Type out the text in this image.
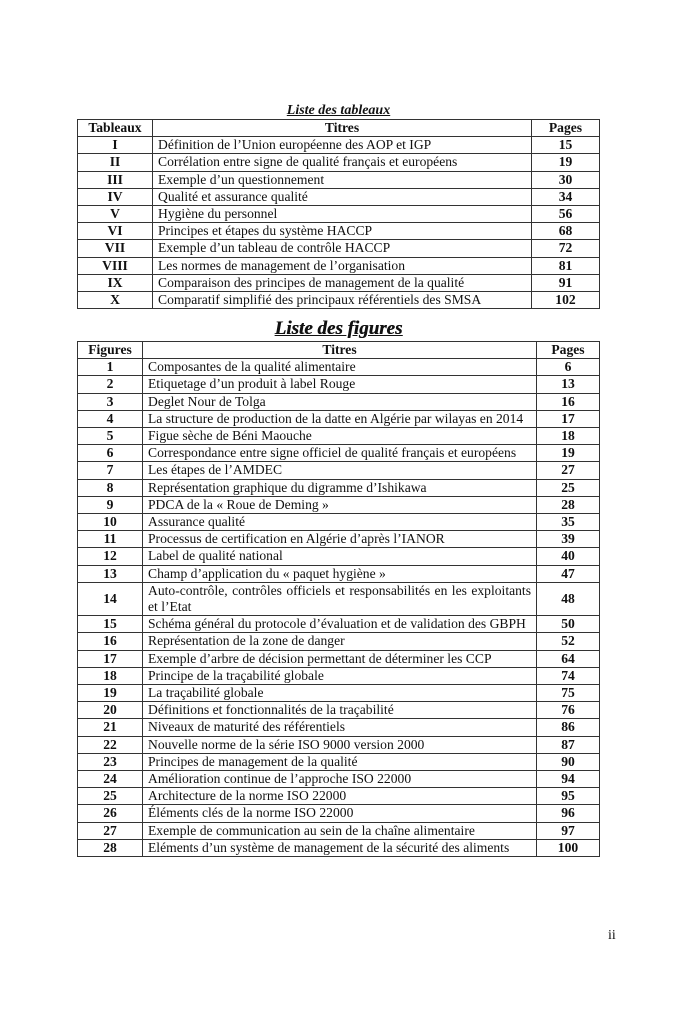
Liste des tableaux
Tableaux	Titres	Pages
I	Définition de l’Union européenne des AOP et IGP	15
II	Corrélation entre signe de qualité français et européens	19
III	Exemple d’un questionnement	30
IV	Qualité et assurance qualité	34
V	Hygiène du personnel	56
VI	Principes et étapes du système HACCP	68
VII	Exemple d’un tableau de contrôle HACCP	72
VIII	Les normes de management de l’organisation	81
IX	Comparaison des principes de management de la qualité	91
X	Comparatif simplifié des principaux référentiels des SMSA	102
Liste des figures
Figures	Titres	Pages
1	Composantes de la qualité alimentaire	6
2	Etiquetage d’un produit à label Rouge	13
3	Deglet Nour de Tolga	16
4	La structure de production de la datte en Algérie par wilayas en 2014	17
5	Figue sèche de Béni Maouche	18
6	Correspondance entre signe officiel de qualité français et européens	19
7	Les étapes de l’AMDEC	27
8	Représentation graphique du digramme d’Ishikawa	25
9	PDCA de la « Roue de Deming »	28
10	Assurance qualité	35
11	Processus de certification en Algérie d’après l’IANOR	39
12	Label de qualité national	40
13	Champ d’application du « paquet hygiène »	47
14	Auto-contrôle, contrôles officiels et responsabilités en les exploitants et l’Etat	48
15	Schéma général du protocole d’évaluation et de validation des GBPH	50
16	Représentation de la zone de danger	52
17	Exemple d’arbre de décision permettant de déterminer les CCP	64
18	Principe de la traçabilité globale	74
19	La traçabilité globale	75
20	Définitions et fonctionnalités de la traçabilité	76
21	Niveaux de maturité des référentiels	86
22	Nouvelle norme de la série ISO 9000 version 2000	87
23	Principes de management de la qualité	90
24	Amélioration continue de l’approche ISO 22000	94
25	Architecture de la norme ISO 22000	95
26	Éléments clés de la norme ISO 22000	96
27	Exemple de communication au sein de la chaîne alimentaire	97
28	Eléments d’un système de management de la sécurité des aliments	100
ii
